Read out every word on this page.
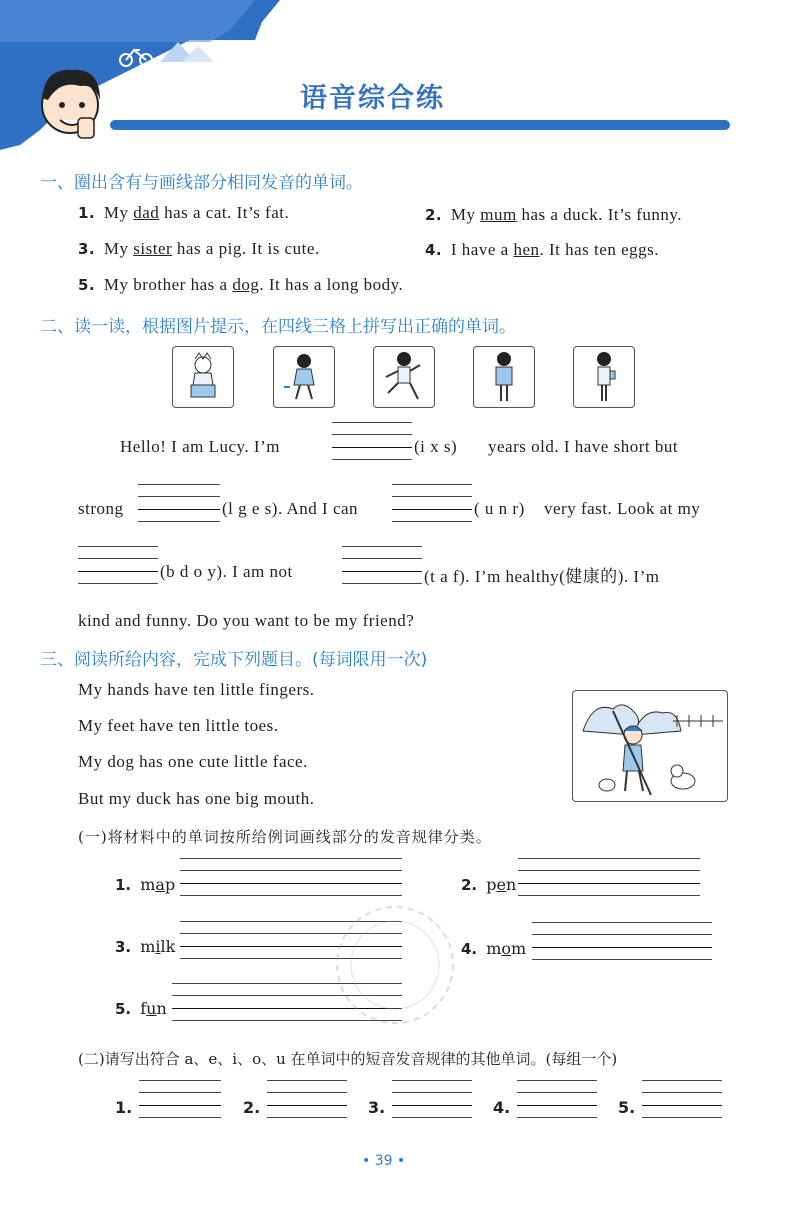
语音综合练
一、圈出含有与画线部分相同发音的单词。
1. My dad has a cat. It’s fat.	2. My mum has a duck. It’s funny.
3. My sister has a pig. It is cute.	4. I have a hen. It has ten eggs.
5. My brother has a dog. It has a long body.
二、读一读，根据图片提示，在四线三格上拼写出正确的单词。
Hello! I am Lucy. I’m	(i x s) years old. I have short but
strong	(l g e s). And I can	( u n r) very fast. Look at my
(b d o y). I am not	(t a f). I’m healthy(健康的). I’m
kind and funny. Do you want to be my friend?
三、阅读所给内容，完成下列题目。(每词限用一次)
My hands have ten little fingers.
My feet have ten little toes.
My dog has one cute little face.
But my duck has one big mouth.
(一)将材料中的单词按所给例词画线部分的发音规律分类。
1. map	2. pen
3. milk	4. mom
5. fun
(二)请写出符合 a、e、i、o、u 在单词中的短音发音规律的其他单词。(每组一个)
1.	2.	3.	4.	5.
• 39 •
